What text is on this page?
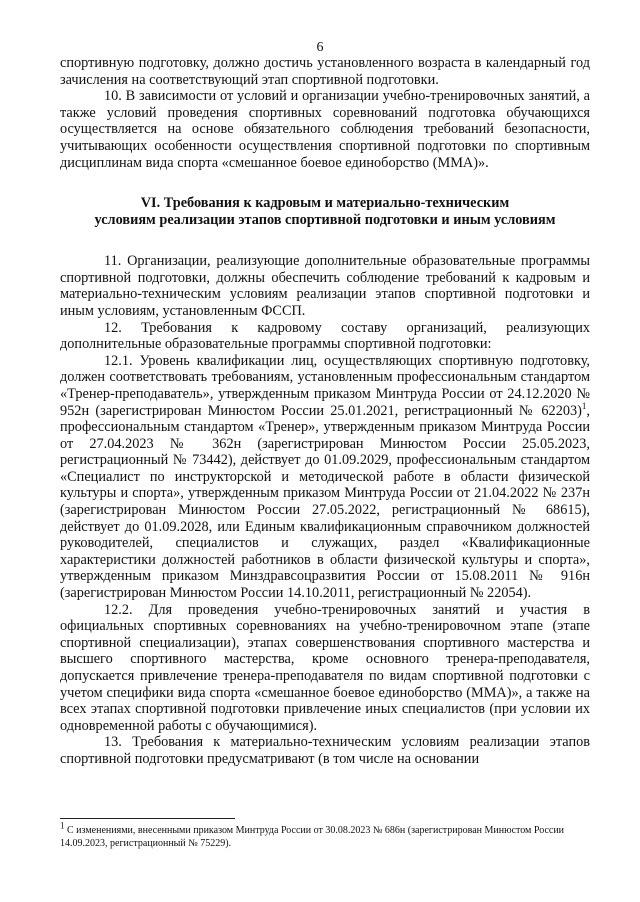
6

спортивную подготовку, должно достичь установленного возраста в календарный год зачисления на соответствующий этап спортивной подготовки.

10. В зависимости от условий и организации учебно-тренировочных занятий, а также условий проведения спортивных соревнований подготовка обучающихся осуществляется на основе обязательного соблюдения требований безопасности, учитывающих особенности осуществления спортивной подготовки по спортивным дисциплинам вида спорта «смешанное боевое единоборство (ММА)».

VI. Требования к кадровым и материально-техническим
условиям реализации этапов спортивной подготовки и иным условиям

11. Организации, реализующие дополнительные образовательные программы спортивной подготовки, должны обеспечить соблюдение требований к кадровым и материально-техническим условиям реализации этапов спортивной подготовки и иным условиям, установленным ФССП.

12. Требования к кадровому составу организаций, реализующих дополнительные образовательные программы спортивной подготовки:

12.1. Уровень квалификации лиц, осуществляющих спортивную подготовку, должен соответствовать требованиям, установленным профессиональным стандартом «Тренер-преподаватель», утвержденным приказом Минтруда России от 24.12.2020 № 952н (зарегистрирован Минюстом России 25.01.2021, регистрационный № 62203)$^1$, профессиональным стандартом «Тренер», утвержденным приказом Минтруда России от 27.04.2023 № 362н (зарегистрирован Минюстом России 25.05.2023, регистрационный № 73442), действует до 01.09.2029, профессиональным стандартом «Специалист по инструкторской и методической работе в области физической культуры и спорта», утвержденным приказом Минтруда России от 21.04.2022 № 237н (зарегистрирован Минюстом России 27.05.2022, регистрационный № 68615), действует до 01.09.2028, или Единым квалификационным справочником должностей руководителей, специалистов и служащих, раздел «Квалификационные характеристики должностей работников в области физической культуры и спорта», утвержденным приказом Минздравсоцразвития России от 15.08.2011 № 916н (зарегистрирован Минюстом России 14.10.2011, регистрационный № 22054).

12.2. Для проведения учебно-тренировочных занятий и участия в официальных спортивных соревнованиях на учебно-тренировочном этапе (этапе спортивной специализации), этапах совершенствования спортивного мастерства и высшего спортивного мастерства, кроме основного тренера-преподавателя, допускается привлечение тренера-преподавателя по видам спортивной подготовки с учетом специфики вида спорта «смешанное боевое единоборство (ММА)», а также на всех этапах спортивной подготовки привлечение иных специалистов (при условии их одновременной работы с обучающимися).

13. Требования к материально-техническим условиям реализации этапов спортивной подготовки предусматривают (в том числе на основании

$^1$ С изменениями, внесенными приказом Минтруда России от 30.08.2023 № 686н (зарегистрирован Минюстом России 14.09.2023, регистрационный № 75229).
